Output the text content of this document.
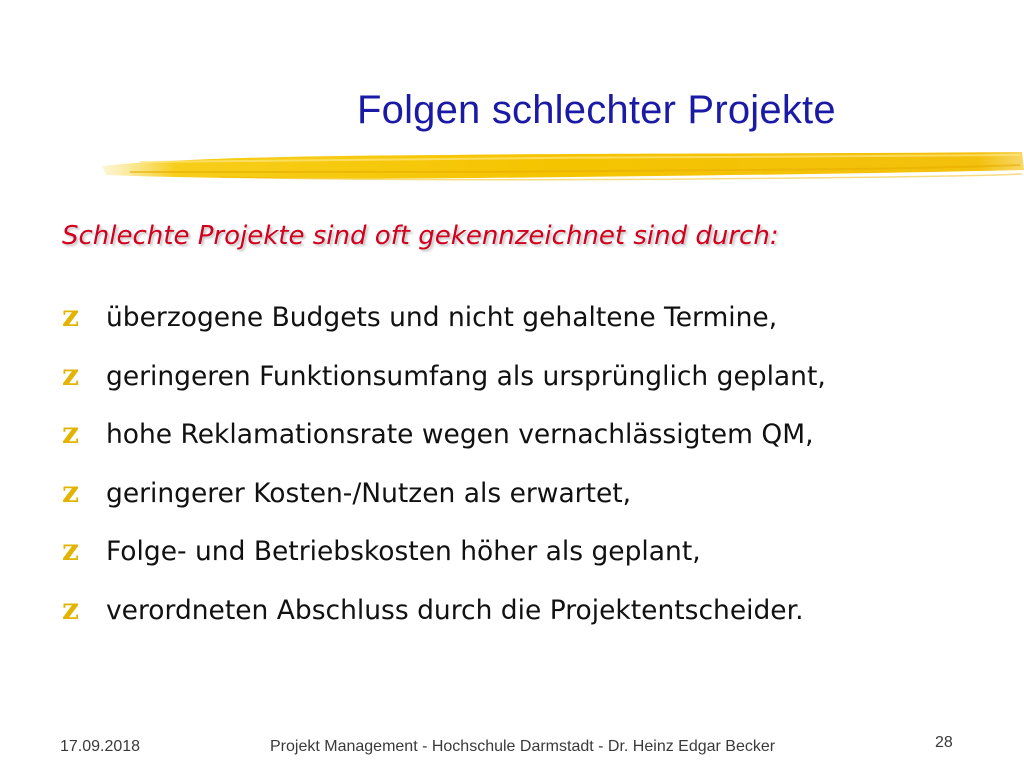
Folgen schlechter Projekte
Schlechte Projekte sind oft gekennzeichnet sind durch:
z	überzogene Budgets und nicht gehaltene Termine,
z	geringeren Funktionsumfang als ursprünglich geplant,
z	hohe Reklamationsrate wegen vernachlässigtem QM,
z	geringerer Kosten-/Nutzen als erwartet,
z	Folge- und Betriebskosten höher als geplant,
z	verordneten Abschluss durch die Projektentscheider.
17.09.2018	Projekt Management - Hochschule Darmstadt - Dr. Heinz Edgar Becker	28
